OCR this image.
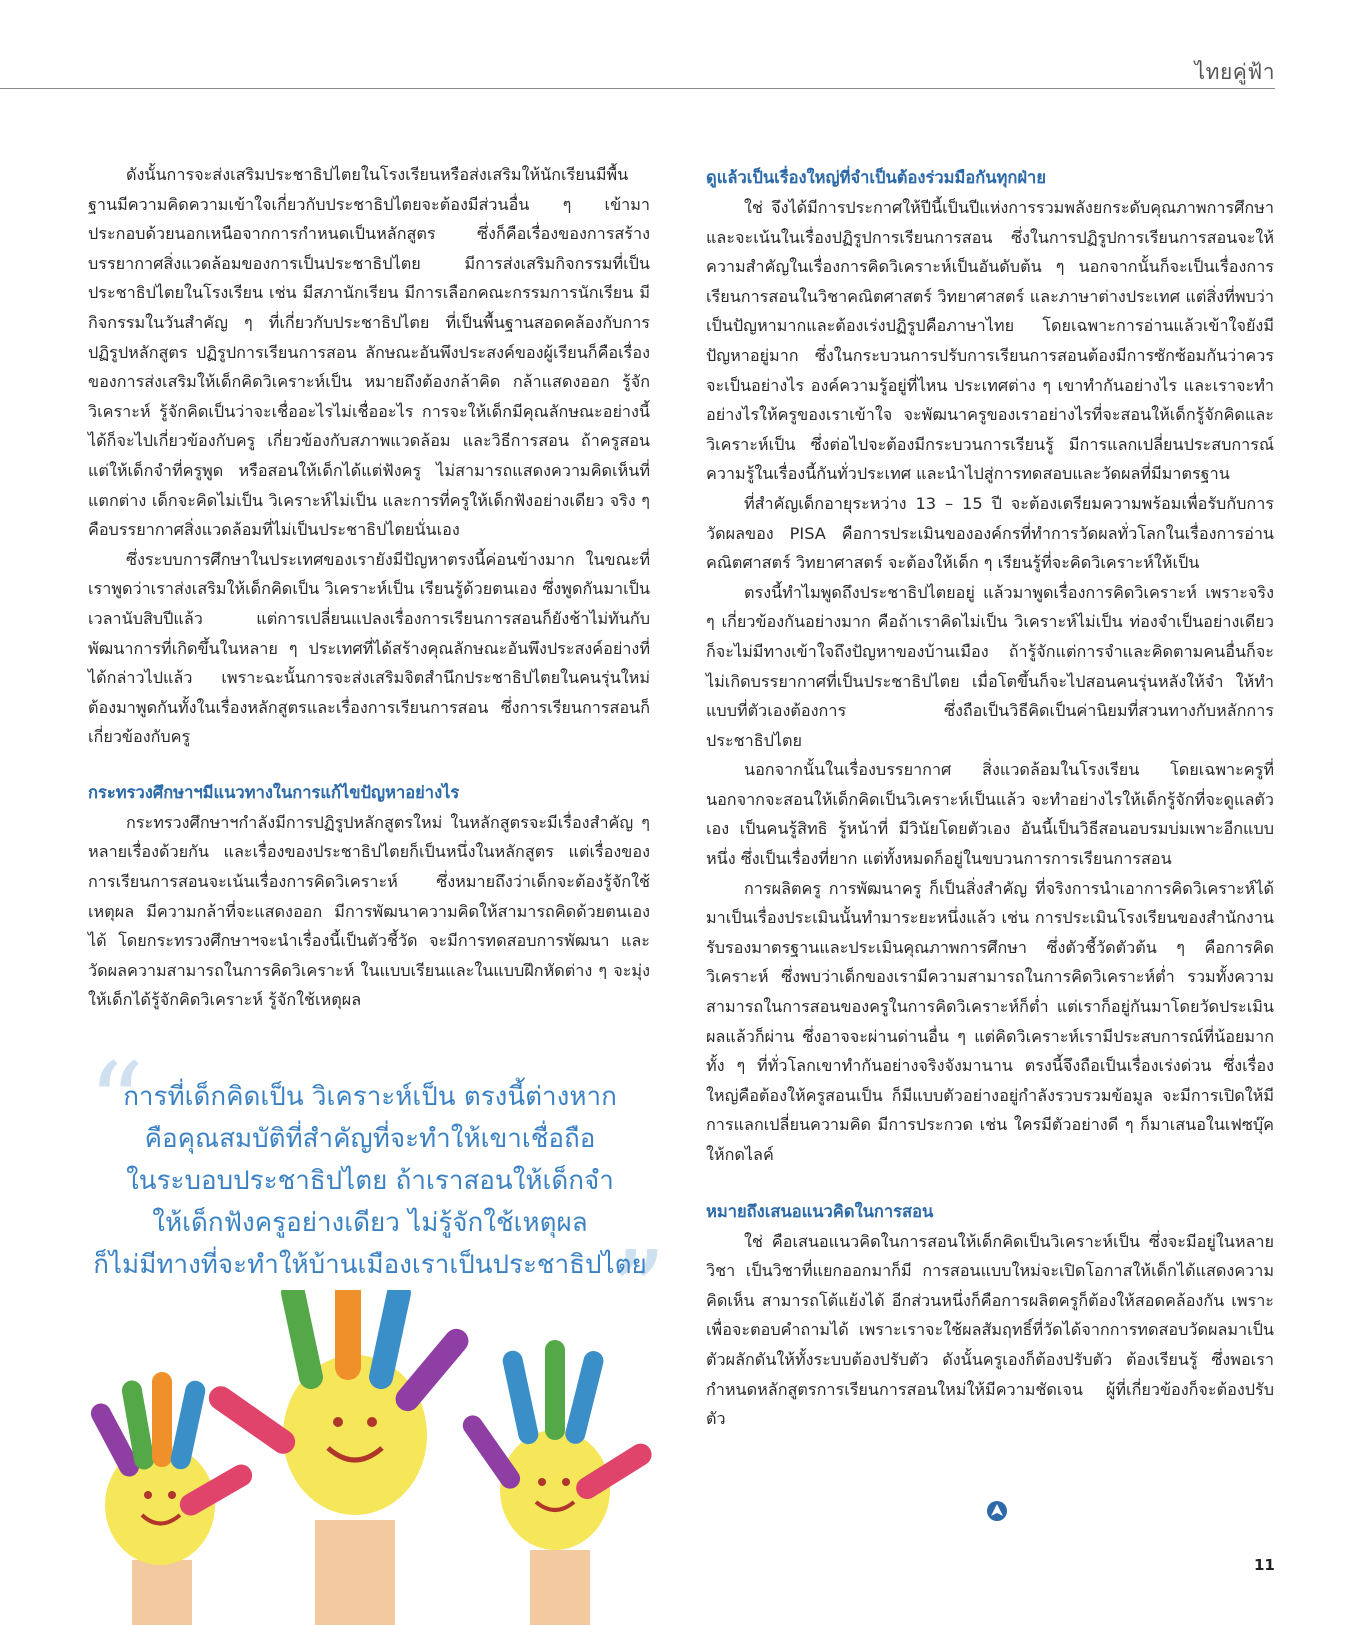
ไทยคู่ฟ้า

ดังนั้นการจะส่งเสริมประชาธิปไตยในโรงเรียนหรือส่งเสริมให้นักเรียนมีพื้นฐานมีความคิดความเข้าใจเกี่ยวกับประชาธิปไตยจะต้องมีส่วนอื่น ๆ เข้ามาประกอบด้วยนอกเหนือจากการกำหนดเป็นหลักสูตร ซึ่งก็คือเรื่องของการสร้างบรรยากาศสิ่งแวดล้อมของการเป็นประชาธิปไตย มีการส่งเสริมกิจกรรมที่เป็นประชาธิปไตยในโรงเรียน เช่น มีสภานักเรียน มีการเลือกคณะกรรมการนักเรียน มีกิจกรรมในวันสำคัญ ๆ ที่เกี่ยวกับประชาธิปไตย ที่เป็นพื้นฐานสอดคล้องกับการปฏิรูปหลักสูตร ปฏิรูปการเรียนการสอน ลักษณะอันพึงประสงค์ของผู้เรียนก็คือเรื่องของการส่งเสริมให้เด็กคิดวิเคราะห์เป็น หมายถึงต้องกล้าคิด กล้าแสดงออก รู้จักวิเคราะห์ รู้จักคิดเป็นว่าจะเชื่ออะไรไม่เชื่ออะไร การจะให้เด็กมีคุณลักษณะอย่างนี้ได้ก็จะไปเกี่ยวข้องกับครู เกี่ยวข้องกับสภาพแวดล้อม และวิธีการสอน ถ้าครูสอนแต่ให้เด็กจำที่ครูพูด หรือสอนให้เด็กได้แต่ฟังครู ไม่สามารถแสดงความคิดเห็นที่แตกต่าง เด็กจะคิดไม่เป็น วิเคราะห์ไม่เป็น และการที่ครูให้เด็กฟังอย่างเดียว จริง ๆ คือบรรยากาศสิ่งแวดล้อมที่ไม่เป็นประชาธิปไตยนั่นเอง

ซึ่งระบบการศึกษาในประเทศของเรายังมีปัญหาตรงนี้ค่อนข้างมาก ในขณะที่เราพูดว่าเราส่งเสริมให้เด็กคิดเป็น วิเคราะห์เป็น เรียนรู้ด้วยตนเอง ซึ่งพูดกันมาเป็นเวลานับสิบปีแล้ว แต่การเปลี่ยนแปลงเรื่องการเรียนการสอนก็ยังช้าไม่ทันกับพัฒนาการที่เกิดขึ้นในหลาย ๆ ประเทศที่ได้สร้างคุณลักษณะอันพึงประสงค์อย่างที่ได้กล่าวไปแล้ว เพราะฉะนั้นการจะส่งเสริมจิตสำนึกประชาธิปไตยในคนรุ่นใหม่ต้องมาพูดกันทั้งในเรื่องหลักสูตรและเรื่องการเรียนการสอน ซึ่งการเรียนการสอนก็เกี่ยวข้องกับครู

กระทรวงศึกษาฯมีแนวทางในการแก้ไขปัญหาอย่างไร

กระทรวงศึกษาฯกำลังมีการปฏิรูปหลักสูตรใหม่ ในหลักสูตรจะมีเรื่องสำคัญ ๆ หลายเรื่องด้วยกัน และเรื่องของประชาธิปไตยก็เป็นหนึ่งในหลักสูตร แต่เรื่องของการเรียนการสอนจะเน้นเรื่องการคิดวิเคราะห์ ซึ่งหมายถึงว่าเด็กจะต้องรู้จักใช้เหตุผล มีความกล้าที่จะแสดงออก มีการพัฒนาความคิดให้สามารถคิดด้วยตนเองได้ โดยกระทรวงศึกษาฯจะนำเรื่องนี้เป็นตัวชี้วัด จะมีการทดสอบการพัฒนา และวัดผลความสามารถในการคิดวิเคราะห์ ในแบบเรียนและในแบบฝึกหัดต่าง ๆ จะมุ่งให้เด็กได้รู้จักคิดวิเคราะห์ รู้จักใช้เหตุผล

“
”
การที่เด็กคิดเป็น วิเคราะห์เป็น ตรงนี้ต่างหาก
คือคุณสมบัติที่สำคัญที่จะทำให้เขาเชื่อถือ
ในระบอบประชาธิปไตย ถ้าเราสอนให้เด็กจำ
ให้เด็กฟังครูอย่างเดียว ไม่รู้จักใช้เหตุผล
ก็ไม่มีทางที่จะทำให้บ้านเมืองเราเป็นประชาธิปไตย
ดูแล้วเป็นเรื่องใหญ่ที่จำเป็นต้องร่วมมือกันทุกฝ่าย

ใช่ จึงได้มีการประกาศให้ปีนี้เป็นปีแห่งการรวมพลังยกระดับคุณภาพการศึกษา และจะเน้นในเรื่องปฏิรูปการเรียนการสอน ซึ่งในการปฏิรูปการเรียนการสอนจะให้ความสำคัญในเรื่องการคิดวิเคราะห์เป็นอันดับต้น ๆ นอกจากนั้นก็จะเป็นเรื่องการเรียนการสอนในวิชาคณิตศาสตร์ วิทยาศาสตร์ และภาษาต่างประเทศ แต่สิ่งที่พบว่าเป็นปัญหามากและต้องเร่งปฏิรูปคือภาษาไทย โดยเฉพาะการอ่านแล้วเข้าใจยังมีปัญหาอยู่มาก ซึ่งในกระบวนการปรับการเรียนการสอนต้องมีการซักซ้อมกันว่าควรจะเป็นอย่างไร องค์ความรู้อยู่ที่ไหน ประเทศต่าง ๆ เขาทำกันอย่างไร และเราจะทำอย่างไรให้ครูของเราเข้าใจ จะพัฒนาครูของเราอย่างไรที่จะสอนให้เด็กรู้จักคิดและวิเคราะห์เป็น ซึ่งต่อไปจะต้องมีกระบวนการเรียนรู้ มีการแลกเปลี่ยนประสบการณ์ความรู้ในเรื่องนี้กันทั่วประเทศ และนำไปสู่การทดสอบและวัดผลที่มีมาตรฐาน

ที่สำคัญเด็กอายุระหว่าง 13 – 15 ปี จะต้องเตรียมความพร้อมเพื่อรับกับการวัดผลของ PISA คือการประเมินขององค์กรที่ทำการวัดผลทั่วโลกในเรื่องการอ่าน คณิตศาสตร์ วิทยาศาสตร์ จะต้องให้เด็ก ๆ เรียนรู้ที่จะคิดวิเคราะห์ให้เป็น

ตรงนี้ทำไมพูดถึงประชาธิปไตยอยู่ แล้วมาพูดเรื่องการคิดวิเคราะห์ เพราะจริง ๆ เกี่ยวข้องกันอย่างมาก คือถ้าเราคิดไม่เป็น วิเคราะห์ไม่เป็น ท่องจำเป็นอย่างเดียว ก็จะไม่มีทางเข้าใจถึงปัญหาของบ้านเมือง ถ้ารู้จักแต่การจำและคิดตามคนอื่นก็จะไม่เกิดบรรยากาศที่เป็นประชาธิปไตย เมื่อโตขึ้นก็จะไปสอนคนรุ่นหลังให้จำ ให้ทำแบบที่ตัวเองต้องการ ซึ่งถือเป็นวิธีคิดเป็นค่านิยมที่สวนทางกับหลักการประชาธิปไตย

นอกจากนั้นในเรื่องบรรยากาศ สิ่งแวดล้อมในโรงเรียน โดยเฉพาะครูที่นอกจากจะสอนให้เด็กคิดเป็นวิเคราะห์เป็นแล้ว จะทำอย่างไรให้เด็กรู้จักที่จะดูแลตัวเอง เป็นคนรู้สิทธิ รู้หน้าที่ มีวินัยโดยตัวเอง อันนี้เป็นวิธีสอนอบรมบ่มเพาะอีกแบบหนึ่ง ซึ่งเป็นเรื่องที่ยาก แต่ทั้งหมดก็อยู่ในขบวนการการเรียนการสอน

การผลิตครู การพัฒนาครู ก็เป็นสิ่งสำคัญ ที่จริงการนำเอาการคิดวิเคราะห์ได้มาเป็นเรื่องประเมินนั้นทำมาระยะหนึ่งแล้ว เช่น การประเมินโรงเรียนของสำนักงานรับรองมาตรฐานและประเมินคุณภาพการศึกษา ซึ่งตัวชี้วัดตัวต้น ๆ คือการคิดวิเคราะห์ ซึ่งพบว่าเด็กของเรามีความสามารถในการคิดวิเคราะห์ต่ำ รวมทั้งความสามารถในการสอนของครูในการคิดวิเคราะห์ก็ต่ำ แต่เราก็อยู่กันมาโดยวัดประเมินผลแล้วก็ผ่าน ซึ่งอาจจะผ่านด่านอื่น ๆ แต่คิดวิเคราะห์เรามีประสบการณ์ที่น้อยมาก ทั้ง ๆ ที่ทั่วโลกเขาทำกันอย่างจริงจังมานาน ตรงนี้จึงถือเป็นเรื่องเร่งด่วน ซึ่งเรื่องใหญ่คือต้องให้ครูสอนเป็น ก็มีแบบตัวอย่างอยู่กำลังรวบรวมข้อมูล จะมีการเปิดให้มีการแลกเปลี่ยนความคิด มีการประกวด เช่น ใครมีตัวอย่างดี ๆ ก็มาเสนอในเฟซบุ๊คให้กดไลค์

หมายถึงเสนอแนวคิดในการสอน

ใช่ คือเสนอแนวคิดในการสอนให้เด็กคิดเป็นวิเคราะห์เป็น ซึ่งจะมีอยู่ในหลายวิชา เป็นวิชาที่แยกออกมาก็มี การสอนแบบใหม่จะเปิดโอกาสให้เด็กได้แสดงความคิดเห็น สามารถโต้แย้งได้ อีกส่วนหนึ่งก็คือการผลิตครูก็ต้องให้สอดคล้องกัน เพราะเพื่อจะตอบคำถามได้ เพราะเราจะใช้ผลสัมฤทธิ์ที่วัดได้จากการทดสอบวัดผลมาเป็นตัวผลักดันให้ทั้งระบบต้องปรับตัว ดังนั้นครูเองก็ต้องปรับตัว ต้องเรียนรู้ ซึ่งพอเรากำหนดหลักสูตรการเรียนการสอนใหม่ให้มีความชัดเจน ผู้ที่เกี่ยวข้องก็จะต้องปรับตัว

11
